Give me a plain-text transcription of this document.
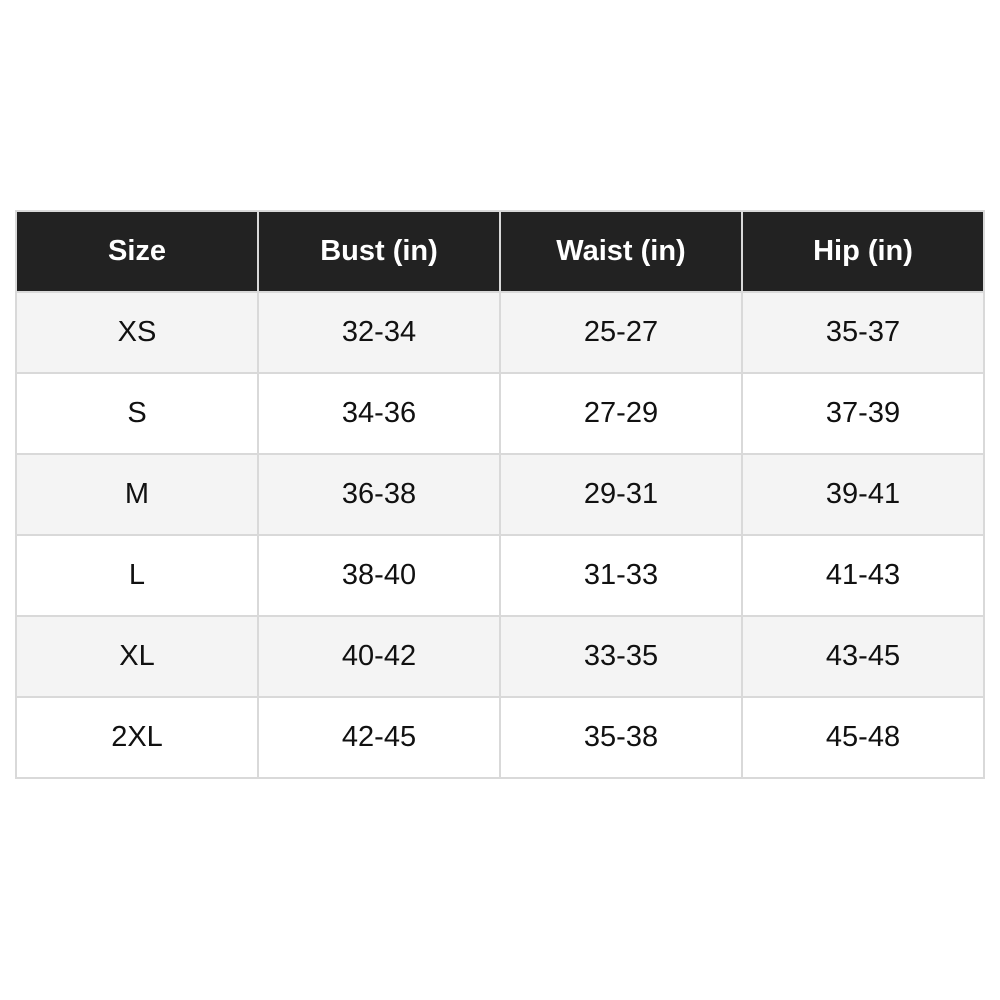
Size	Bust (in)	Waist (in)	Hip (in)
XS	32-34	25-27	35-37
S	34-36	27-29	37-39
M	36-38	29-31	39-41
L	38-40	31-33	41-43
XL	40-42	33-35	43-45
2XL	42-45	35-38	45-48
